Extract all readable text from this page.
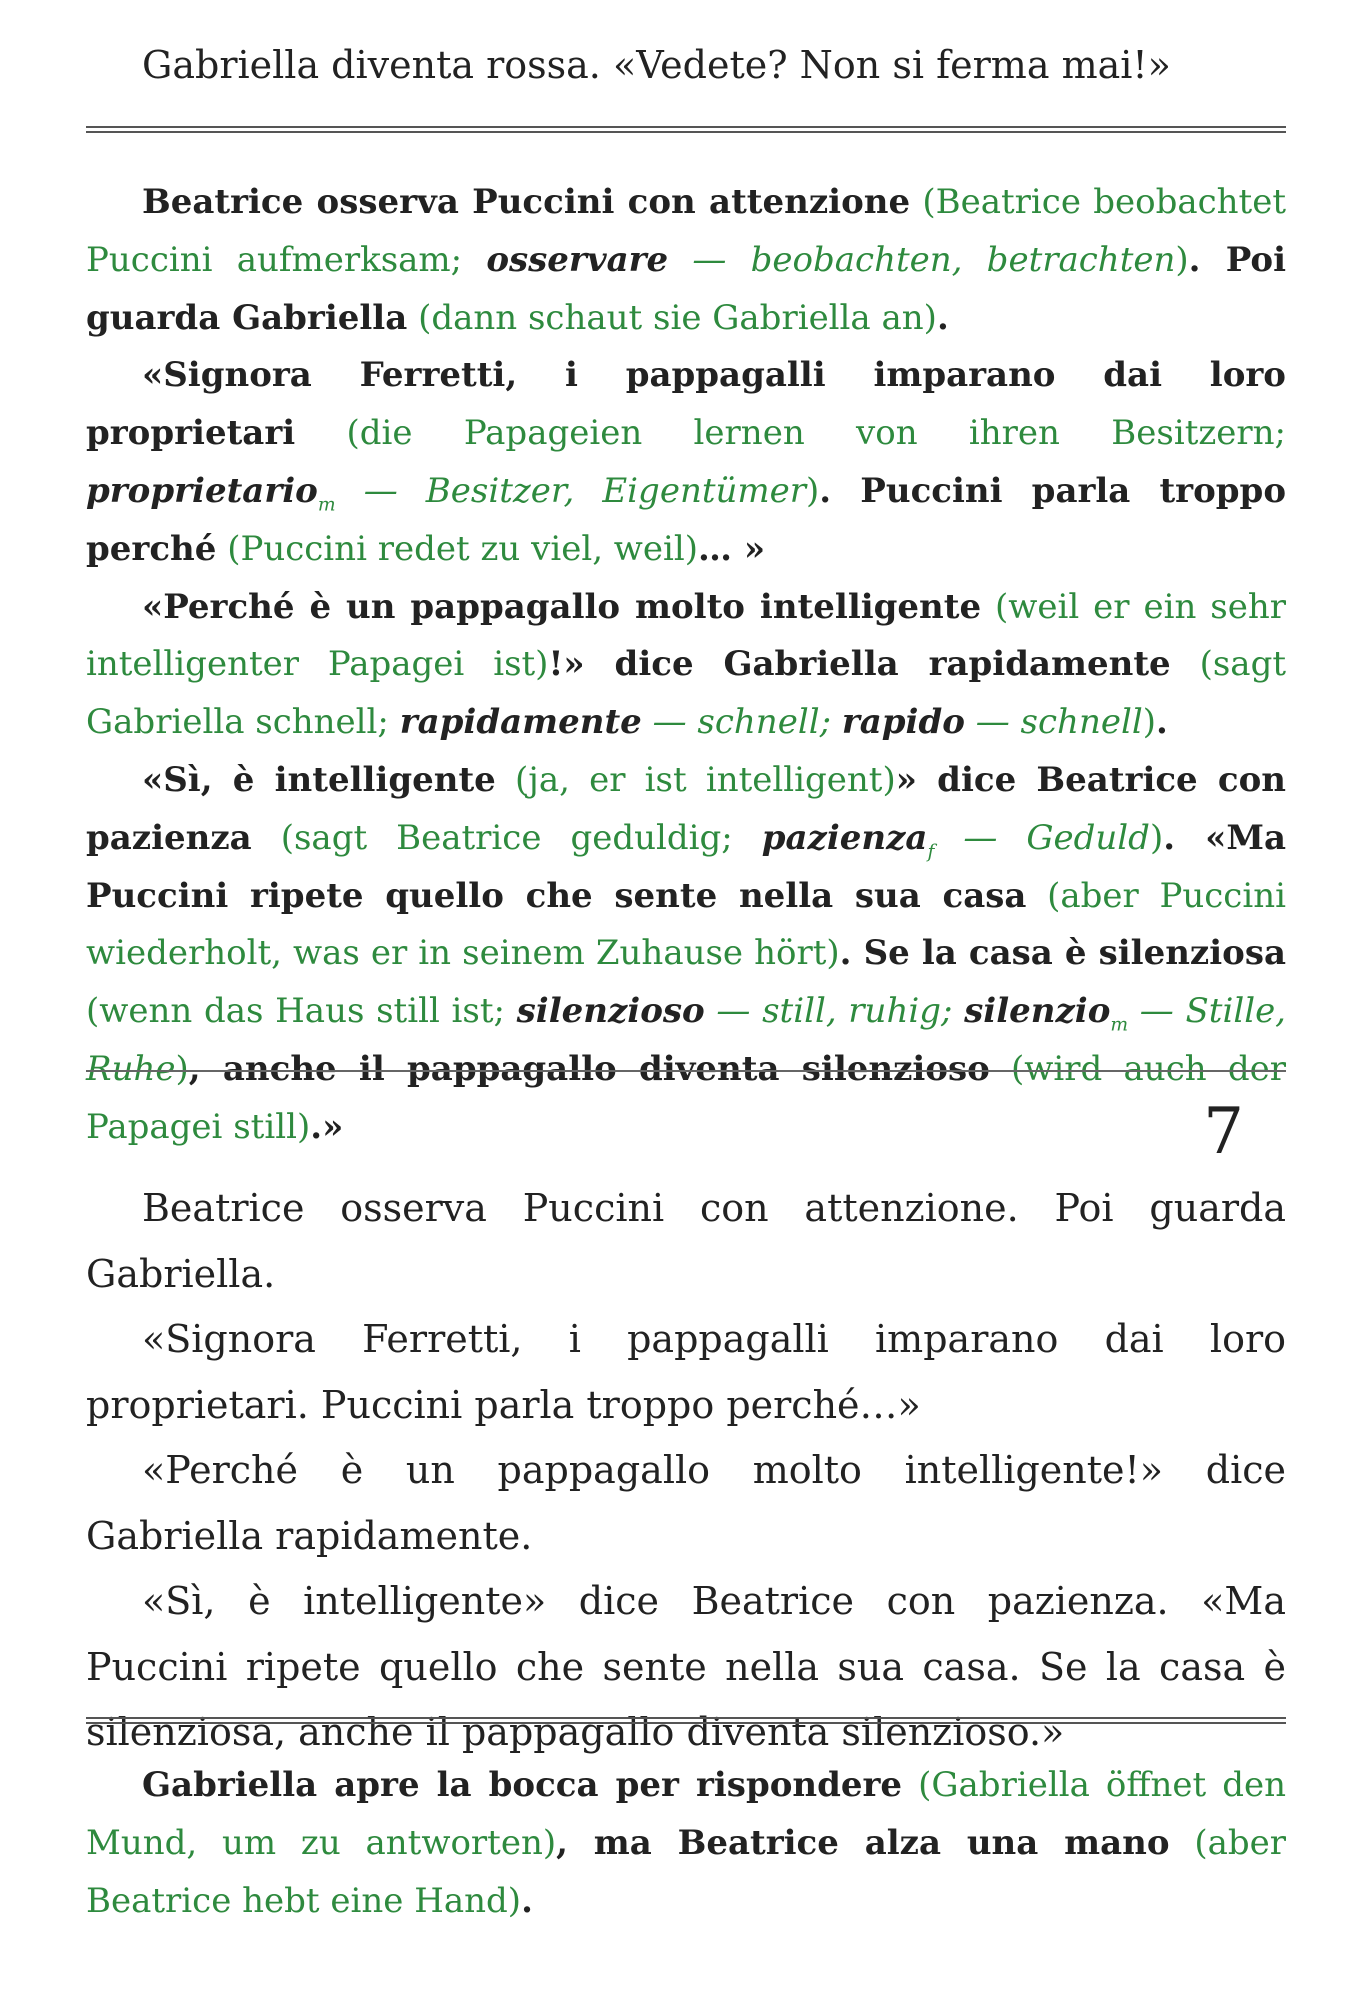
Gabriella diventa rossa. «Vedete? Non si ferma mai!»

Beatrice osserva Puccini con attenzione (Beatrice beobachtet Puccini aufmerksam; osservare — beobachten, betrachten). Poi guarda Gabriella (dann schaut sie Gabriella an).

«Signora Ferretti, i pappagalli imparano dai loro proprietari (die Papageien lernen von ihren Besitzern; proprietario$_m$ — Besitzer, Eigentümer). Puccini parla troppo perché (Puccini redet zu viel, weil)… »

«Perché è un pappagallo molto intelligente (weil er ein sehr intelligenter Papagei ist)!» dice Gabriella rapidamente (sagt Gabriella schnell; rapidamente — schnell; rapido — schnell).

«Sì, è intelligente (ja, er ist intelligent)» dice Beatrice con pazienza (sagt Beatrice geduldig; pazienza$_f$ — Geduld). «Ma Puccini ripete quello che sente nella sua casa (aber Puccini wiederholt, was er in seinem Zuhause hört). Se la casa è silenziosa (wenn das Haus still ist; silenzioso — still, ruhig; silenzio$_m$ — Stille, Ruhe), anche il pappagallo diventa silenzioso (wird auch der Papagei still).»	7

Beatrice osserva Puccini con attenzione. Poi guarda Gabriella.

«Signora Ferretti, i pappagalli imparano dai loro proprietari. Puccini parla troppo perché…»

«Perché è un pappagallo molto intelligente!» dice Gabriella rapidamente.

«Sì, è intelligente» dice Beatrice con pazienza. «Ma Puccini ripete quello che sente nella sua casa. Se la casa è silenziosa, anche il pappagallo diventa silenzioso.»

Gabriella apre la bocca per rispondere (Gabriella öffnet den Mund, um zu antworten), ma Beatrice alza una mano (aber Beatrice hebt eine Hand).
